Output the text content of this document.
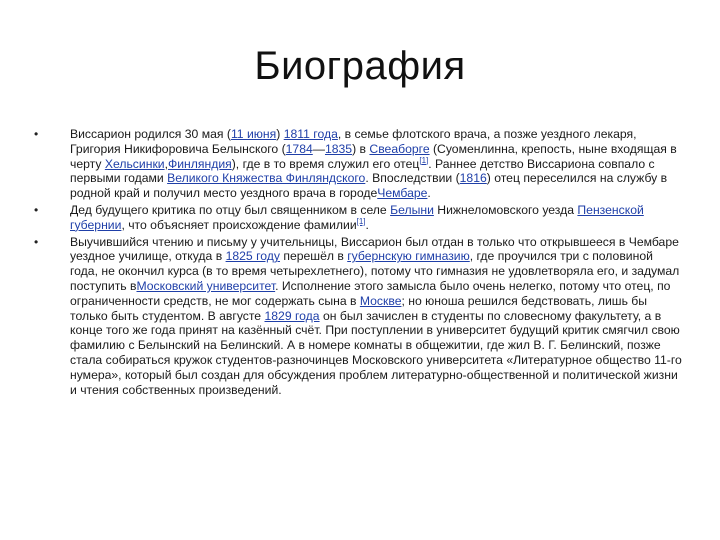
Биография
• Виссарион родился 30 мая (11 июня) 1811 года, в семье флотского врача, а позже уездного лекаря, Григория Никифоровича Белынского (1784—1835) в Свеаборге (Суоменлинна, крепость, ныне входящая в черту Хельсинки,Финляндия), где в то время служил его отец[1]. Раннее детство Виссариона совпало с первыми годами Великого Княжества Финляндского. Впоследствии (1816) отец переселился на службу в родной край и получил место уездного врача в городеЧембаре.
• Дед будущего критика по отцу был священником в селе Белыни Нижнеломовского уезда Пензенской губернии, что объясняет происхождение фамилии[1].
• Выучившийся чтению и письму у учительницы, Виссарион был отдан в только что открывшееся в Чембаре уездное училище, откуда в 1825 году перешёл в губернскую гимназию, где проучился три с половиной года, не окончил курса (в то время четырехлетнего), потому что гимназия не удовлетворяла его, и задумал поступить вМосковский университет. Исполнение этого замысла было очень нелегко, потому что отец, по ограниченности средств, не мог содержать сына в Москве; но юноша решился бедствовать, лишь бы только быть студентом. В августе 1829 года он был зачислен в студенты по словесному факультету, а в конце того же года принят на казённый счёт. При поступлении в университет будущий критик смягчил свою фамилию с Белынский на Белинский. А в номере комнаты в общежитии, где жил В. Г. Белинский, позже стала собираться кружок студентов-разночинцев Московского университета «Литературное общество 11-го нумера», который был создан для обсуждения проблем литературно-общественной и политической жизни и чтения собственных произведений.
